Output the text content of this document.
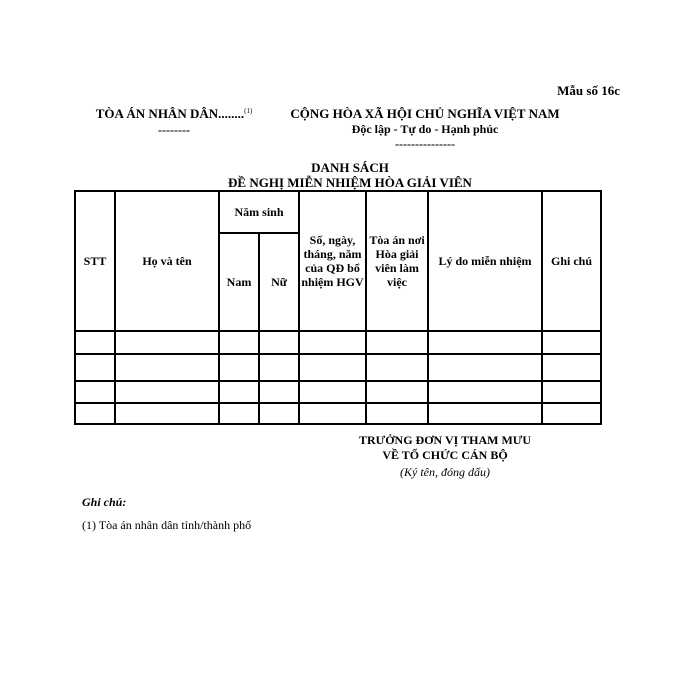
Mẫu số 16c
TÒA ÁN NHÂN DÂN........$^{(1)}$
--------
CỘNG HÒA XÃ HỘI CHỦ NGHĨA VIỆT NAM
Độc lập - Tự do - Hạnh phúc
---------------
DANH SÁCH
ĐỀ NGHỊ MIỄN NHIỆM HÒA GIẢI VIÊN
STT	Họ và tên	Năm sinh		Số, ngày, tháng, năm của QĐ bổ nhiệm HGV	Tòa án nơi Hòa giải viên làm việc	Lý do miễn nhiệm	Ghi chú
		Nam	Nữ				

TRƯỞNG ĐƠN VỊ THAM MƯU
VỀ TỔ CHỨC CÁN BỘ
(Ký tên, đóng dấu)
Ghi chú:
(1) Tòa án nhân dân tỉnh/thành phố
